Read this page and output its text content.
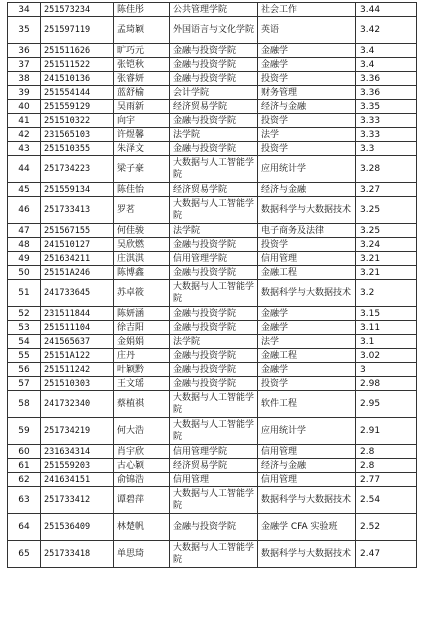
34	251573234	陈佳彤	公共管理学院	社会工作	3.44
35	251597119	孟琦颖	外国语言与文化学院	英语	3.42
36	251511626	旷巧元	金融与投资学院	金融学	3.4
37	251511522	张铠秋	金融与投资学院	金融学	3.4
38	241510136	张睿妍	金融与投资学院	投资学	3.36
39	251554144	蓝舒榆	会计学院	财务管理	3.36
40	251559129	吴雨新	经济贸易学院	经济与金融	3.35
41	251510322	向宇	金融与投资学院	投资学	3.33
42	231565103	许煜馨	法学院	法学	3.33
43	251510355	朱泽文	金融与投资学院	投资学	3.3
44	251734223	梁子豪	大数据与人工智能学院	应用统计学	3.28
45	251559134	陈佳怡	经济贸易学院	经济与金融	3.27
46	251733413	罗茗	大数据与人工智能学院	数据科学与大数据技术	3.25
47	251567155	何佳骏	法学院	电子商务及法律	3.25
48	241510127	吴欣燃	金融与投资学院	投资学	3.24
49	251634211	庄淇淇	信用管理学院	信用管理	3.21
50	25151A246	陈博鑫	金融与投资学院	金融工程	3.21
51	241733645	苏卓筱	大数据与人工智能学院	数据科学与大数据技术	3.2
52	231511844	陈妍涵	金融与投资学院	金融学	3.15
53	251511104	徐吉阳	金融与投资学院	金融学	3.11
54	241565637	金娟娟	法学院	法学	3.1
55	25151A122	庄丹	金融与投资学院	金融工程	3.02
56	251511242	叶颖黔	金融与投资学院	金融学	3
57	251510303	王文瑶	金融与投资学院	投资学	2.98
58	241732340	蔡植祺	大数据与人工智能学院	软件工程	2.95
59	251734219	何大浩	大数据与人工智能学院	应用统计学	2.91
60	231634314	肖宇欣	信用管理学院	信用管理	2.8
61	251559203	古心颖	经济贸易学院	经济与金融	2.8
62	241634151	俞锦浩	信用管理	信用管理	2.77
63	251733412	谭碧萍	大数据与人工智能学院	数据科学与大数据技术	2.54
64	251536409	林楚帆	金融与投资学院	金融学 CFA 实验班	2.52
65	251733418	单思琦	大数据与人工智能学院	数据科学与大数据技术	2.47
